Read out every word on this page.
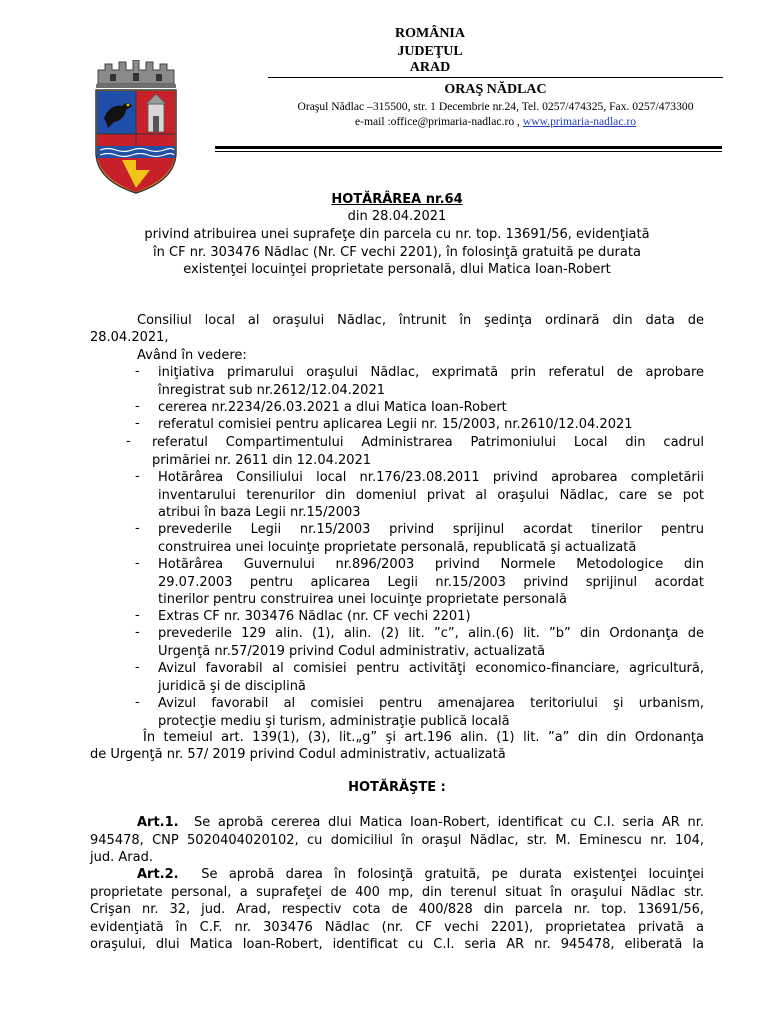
ROMÂNIA
JUDEŢUL ARAD
ORAŞ NĂDLAC
Oraşul Nădlac –315500, str. 1 Decembrie nr.24, Tel. 0257/474325, Fax. 0257/473300
e-mail :office@primaria-nadlac.ro , www.primaria-nadlac.ro
HOTĂRÂREA nr.64
din 28.04.2021
privind atribuirea unei suprafeţe din parcela cu nr. top. 13691/56, evidenţiată
în CF nr. 303476 Nădlac (Nr. CF vechi 2201), în folosinţă gratuită pe durata
existenţei locuinţei proprietate personală, dlui Matica Ioan-Robert
Consiliul local al oraşului Nădlac, întrunit în şedinţa ordinară din data de
28.04.2021,
Având în vedere:
- iniţiativa primarului oraşului Nădlac, exprimată prin referatul de aprobare
înregistrat sub nr.2612/12.04.2021
- cererea nr.2234/26.03.2021 a dlui Matica Ioan-Robert
- referatul comisiei pentru aplicarea Legii nr. 15/2003, nr.2610/12.04.2021
- referatul Compartimentului Administrarea Patrimoniului Local din cadrul
primăriei nr. 2611 din 12.04.2021
- Hotărârea Consiliului local nr.176/23.08.2011 privind aprobarea completării
inventarului terenurilor din domeniul privat al oraşului Nădlac, care se pot
atribui în baza Legii nr.15/2003
- prevederile Legii nr.15/2003 privind sprijinul acordat tinerilor pentru
construirea unei locuinţe proprietate personală, republicată şi actualizată
- Hotărârea Guvernului nr.896/2003 privind Normele Metodologice din
29.07.2003 pentru aplicarea Legii nr.15/2003 privind sprijinul acordat
tinerilor pentru construirea unei locuinţe proprietate personală
- Extras CF nr. 303476 Nădlac (nr. CF vechi 2201)
- prevederile 129 alin. (1), alin. (2) lit. ”c”, alin.(6) lit. ”b” din Ordonanţa de
Urgenţă nr.57/2019 privind Codul administrativ, actualizată
- Avizul favorabil al comisiei pentru activităţi economico-financiare, agricultură,
juridică şi de disciplină
- Avizul favorabil al comisiei pentru amenajarea teritoriului şi urbanism,
protecţie mediu şi turism, administraţie publică locală
În temeiul art. 139(1), (3), lit.„g” şi art.196 alin. (1) lit. ”a” din din Ordonanţa
de Urgenţă nr. 57/ 2019 privind Codul administrativ, actualizată
HOTĂRĂŞTE :
Art.1. Se aprobă cererea dlui Matica Ioan-Robert, identificat cu C.I. seria AR nr.
945478, CNP 5020404020102, cu domiciliul în oraşul Nădlac, str. M. Eminescu nr. 104,
jud. Arad.
Art.2. Se aprobă darea în folosinţă gratuită, pe durata existenţei locuinţei
proprietate personal, a suprafeţei de 400 mp, din terenul situat în oraşului Nădlac str.
Crişan nr. 32, jud. Arad, respectiv cota de 400/828 din parcela nr. top. 13691/56,
evidenţiată în C.F. nr. 303476 Nădlac (nr. CF vechi 2201), proprietatea privată a
oraşului, dlui Matica Ioan-Robert, identificat cu C.I. seria AR nr. 945478, eliberată la
